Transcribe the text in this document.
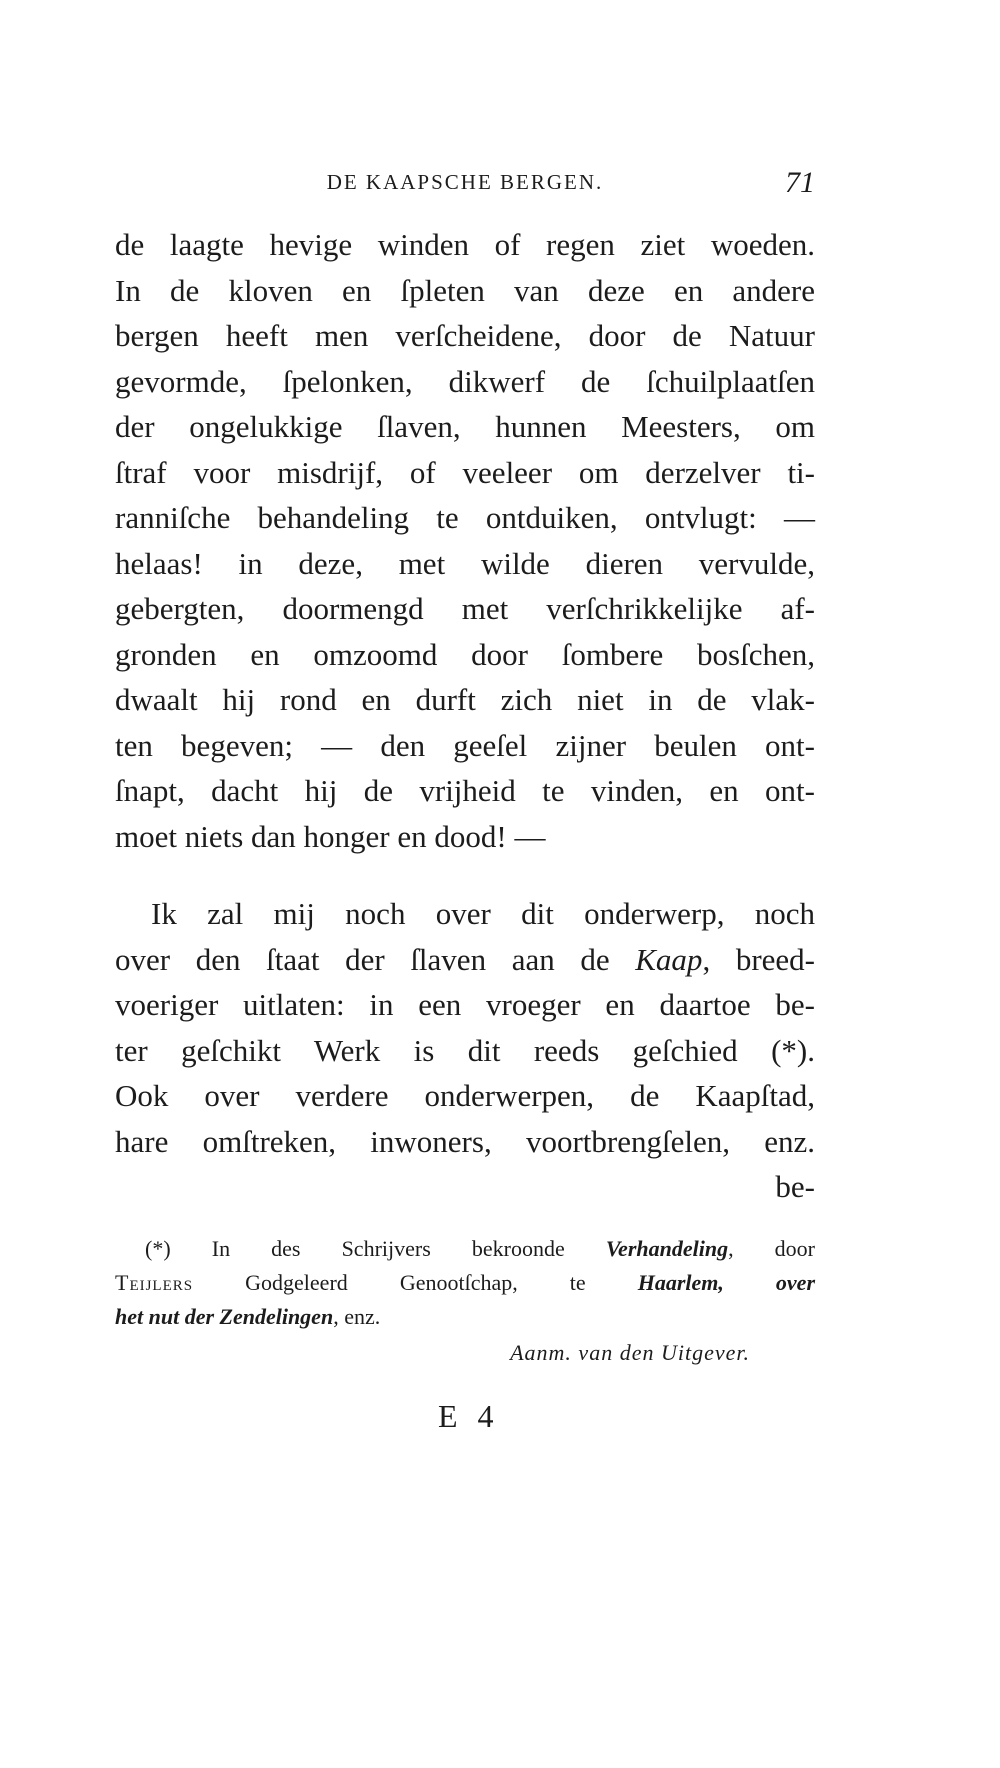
DE KAAPSCHE BERGEN.	71
de laagte hevige winden of regen ziet woeden.
In de kloven en ſpleten van deze en andere
bergen heeft men verſcheidene, door de Natuur
gevormde, ſpelonken, dikwerf de ſchuilplaatſen
der ongelukkige ſlaven, hunnen Meesters, om
ſtraf voor misdrijf, of veeleer om derzelver ti-
ranniſche behandeling te ontduiken, ontvlugt: —
helaas! in deze, met wilde dieren vervulde,
gebergten, doormengd met verſchrikkelijke af-
gronden en omzoomd door ſombere bosſchen,
dwaalt hij rond en durft zich niet in de vlak-
ten begeven; — den geeſel zijner beulen ont-
ſnapt, dacht hij de vrijheid te vinden, en ont-
moet niets dan honger en dood! —
Ik zal mij noch over dit onderwerp, noch
over den ſtaat der ſlaven aan de Kaap, breed-
voeriger uitlaten: in een vroeger en daartoe be-
ter geſchikt Werk is dit reeds geſchied (*).
Ook over verdere onderwerpen, de Kaapſtad,
hare omſtreken, inwoners, voortbrengſelen, enz.
be-
(*) In des Schrijvers bekroonde Verhandeling, door
Teijlers Godgeleerd Genootſchap, te Haarlem, over
het nut der Zendelingen, enz.
Aanm. van den Uitgever.
E 4
